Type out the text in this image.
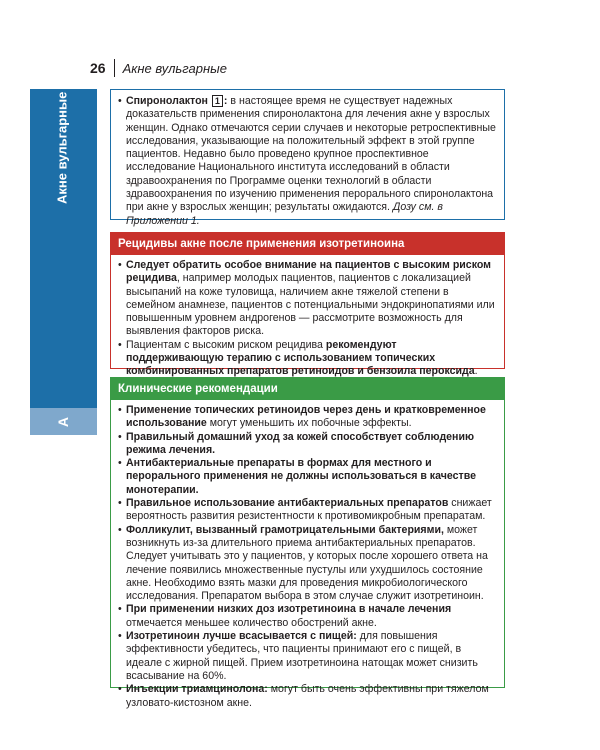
26 Акне вульгарные
Акне вульгарные
A

• Спиронолактон 1 : в настоящее время не существует надежных доказательств применения спиронолактона для лечения акне у взрослых женщин. Однако отмечаются серии случаев и некоторые ретроспективные исследования, указывающие на положительный эффект в этой группе пациентов. Недавно было проведено крупное проспективное исследование Национального института исследований в области здравоохранения по Программе оценки технологий в области здравоохранения по изучению применения перорального спиронолактона при акне у взрослых женщин; результаты ожидаются. Дозу см. в Приложении 1.

Рецидивы акне после применения изотретиноина

• Следует обратить особое внимание на пациентов с высоким риском рецидива, например молодых пациентов, пациентов с локализацией высыпаний на коже туловища, наличием акне тяжелой степени в семейном анамнезе, пациентов с потенциальными эндокринопатиями или повышенным уровнем андрогенов — рассмотрите возможность для выявления факторов риска.

• Пациентам с высоким риском рецидива рекомендуют поддерживающую терапию с использованием топических комбинированных препаратов ретиноидов и бензоила пероксида.

Клинические рекомендации

• Применение топических ретиноидов через день и кратковременное использование могут уменьшить их побочные эффекты.

• Правильный домашний уход за кожей способствует соблюдению режима лечения.

• Антибактериальные препараты в формах для местного и перорального применения не должны использоваться в качестве монотерапии.

• Правильное использование антибактериальных препаратов снижает вероятность развития резистентности к противомикробным препаратам.

• Фолликулит, вызванный грамотрицательными бактериями, может возникнуть из-за длительного приема антибактериальных препаратов. Следует учитывать это у пациентов, у которых после хорошего ответа на лечение появились множественные пустулы или ухудшилось состояние акне. Необходимо взять мазки для проведения микробиологического исследования. Препаратом выбора в этом случае служит изотретиноин.

• При применении низких доз изотретиноина в начале лечения отмечается меньшее количество обострений акне.

• Изотретиноин лучше всасывается с пищей: для повышения эффективности убедитесь, что пациенты принимают его с пищей, в идеале с жирной пищей. Прием изотретиноина натощак может снизить всасывание на 60%.

• Инъекции триамцинолона: могут быть очень эффективны при тяжелом узловато-кистозном акне.
